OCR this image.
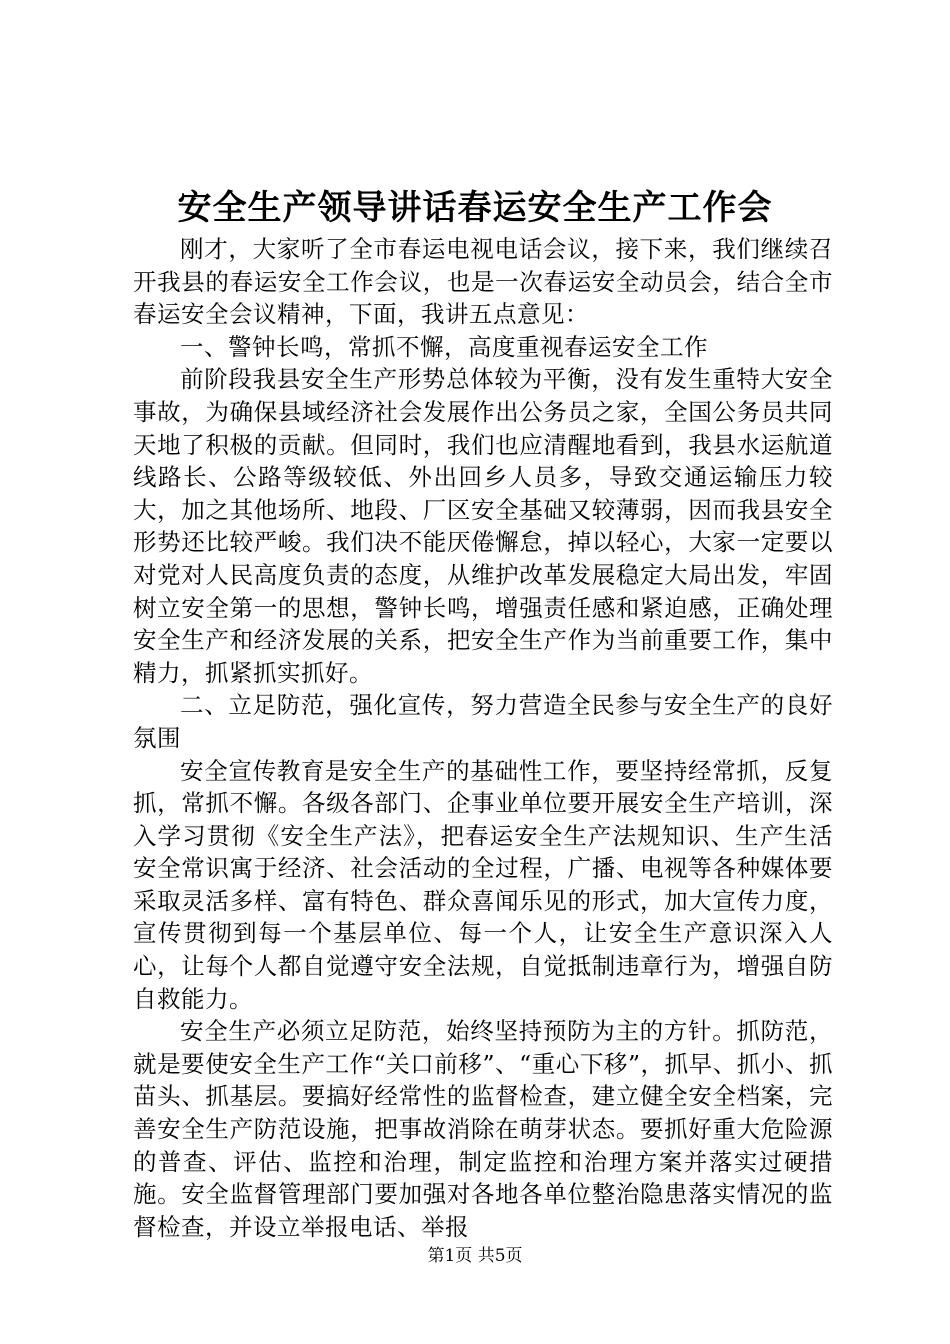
安全生产领导讲话春运安全生产工作会

刚才，大家听了全市春运电视电话会议，接下来，我们继续召开我县的春运安全工作会议，也是一次春运安全动员会，结合全市春运安全会议精神，下面，我讲五点意见：

一、警钟长鸣，常抓不懈，高度重视春运安全工作

前阶段我县安全生产形势总体较为平衡，没有发生重特大安全事故，为确保县域经济社会发展作出公务员之家，全国公务员共同天地了积极的贡献。但同时，我们也应清醒地看到，我县水运航道线路长、公路等级较低、外出回乡人员多，导致交通运输压力较大，加之其他场所、地段、厂区安全基础又较薄弱，因而我县安全形势还比较严峻。我们决不能厌倦懈怠，掉以轻心，大家一定要以对党对人民高度负责的态度，从维护改革发展稳定大局出发，牢固树立安全第一的思想，警钟长鸣，增强责任感和紧迫感，正确处理安全生产和经济发展的关系，把安全生产作为当前重要工作，集中精力，抓紧抓实抓好。

二、立足防范，强化宣传，努力营造全民参与安全生产的良好氛围

安全宣传教育是安全生产的基础性工作，要坚持经常抓，反复抓，常抓不懈。各级各部门、企事业单位要开展安全生产培训，深入学习贯彻《安全生产法》，把春运安全生产法规知识、生产生活安全常识寓于经济、社会活动的全过程，广播、电视等各种媒体要采取灵活多样、富有特色、群众喜闻乐见的形式，加大宣传力度，宣传贯彻到每一个基层单位、每一个人，让安全生产意识深入人心，让每个人都自觉遵守安全法规，自觉抵制违章行为，增强自防自救能力。

安全生产必须立足防范，始终坚持预防为主的方针。抓防范，就是要使安全生产工作“关口前移”、“重心下移”，抓早、抓小、抓苗头、抓基层。要搞好经常性的监督检查，建立健全安全档案，完善安全生产防范设施，把事故消除在萌芽状态。要抓好重大危险源的普查、评估、监控和治理，制定监控和治理方案并落实过硬措施。安全监督管理部门要加强对各地各单位整治隐患落实情况的监督检查，并设立举报电话、举报

第1页 共5页
